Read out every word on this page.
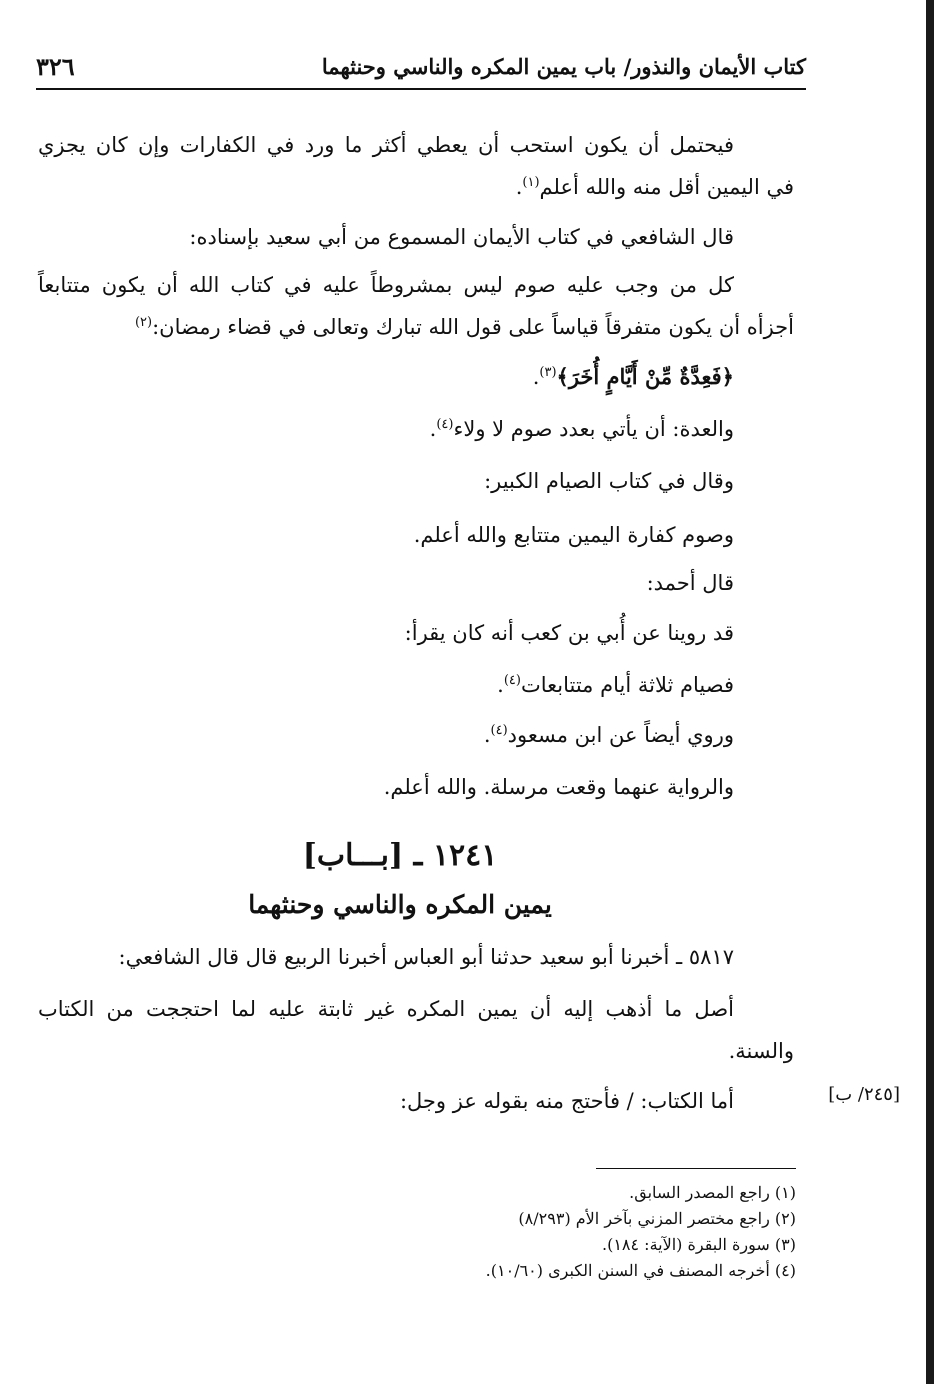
كتاب الأيمان والنذور/ باب يمين المكره والناسي وحنثهما
٣٢٦
فيحتمل أن يكون استحب أن يعطي أكثر ما ورد في الكفارات وإن كان يجزي
في اليمين أقل منه والله أعلم$^{(١)}$.
قال الشافعي في كتاب الأيمان المسموع من أبي سعيد بإسناده:
كل من وجب عليه صوم ليس بمشروطاً عليه في كتاب الله أن يكون متتابعاً
أجزأه أن يكون متفرقاً قياساً على قول الله تبارك وتعالى في قضاء رمضان:$^{(٢)}$
﴿فَعِدَّةٌ مِّنْ أَيَّامٍ أُخَرَ﴾$^{(٣)}$.
والعدة: أن يأتي بعدد صوم لا ولاء$^{(٤)}$.
وقال في كتاب الصيام الكبير:
وصوم كفارة اليمين متتابع والله أعلم.
قال أحمد:
قد روينا عن أُبي بن كعب أنه كان يقرأ:
فصيام ثلاثة أيام متتابعات$^{(٤)}$.
وروي أيضاً عن ابن مسعود$^{(٤)}$.
والرواية عنهما وقعت مرسلة. والله أعلم.
١٢٤١ ـ [بـــاب]
يمين المكره والناسي وحنثهما
٥٨١٧ ـ أخبرنا أبو سعيد حدثنا أبو العباس أخبرنا الربيع قال قال الشافعي:
أصل ما أذهب إليه أن يمين المكره غير ثابتة عليه لما احتججت من الكتاب
والسنة.
أما الكتاب: / فأحتج منه بقوله عز وجل:	[٢٤٥/ ب]
(١) راجع المصدر السابق.
(٢) راجع مختصر المزني بآخر الأم (٨/٢٩٣)
(٣) سورة البقرة (الآية: ١٨٤).
(٤) أخرجه المصنف في السنن الكبرى (١٠/٦٠).
